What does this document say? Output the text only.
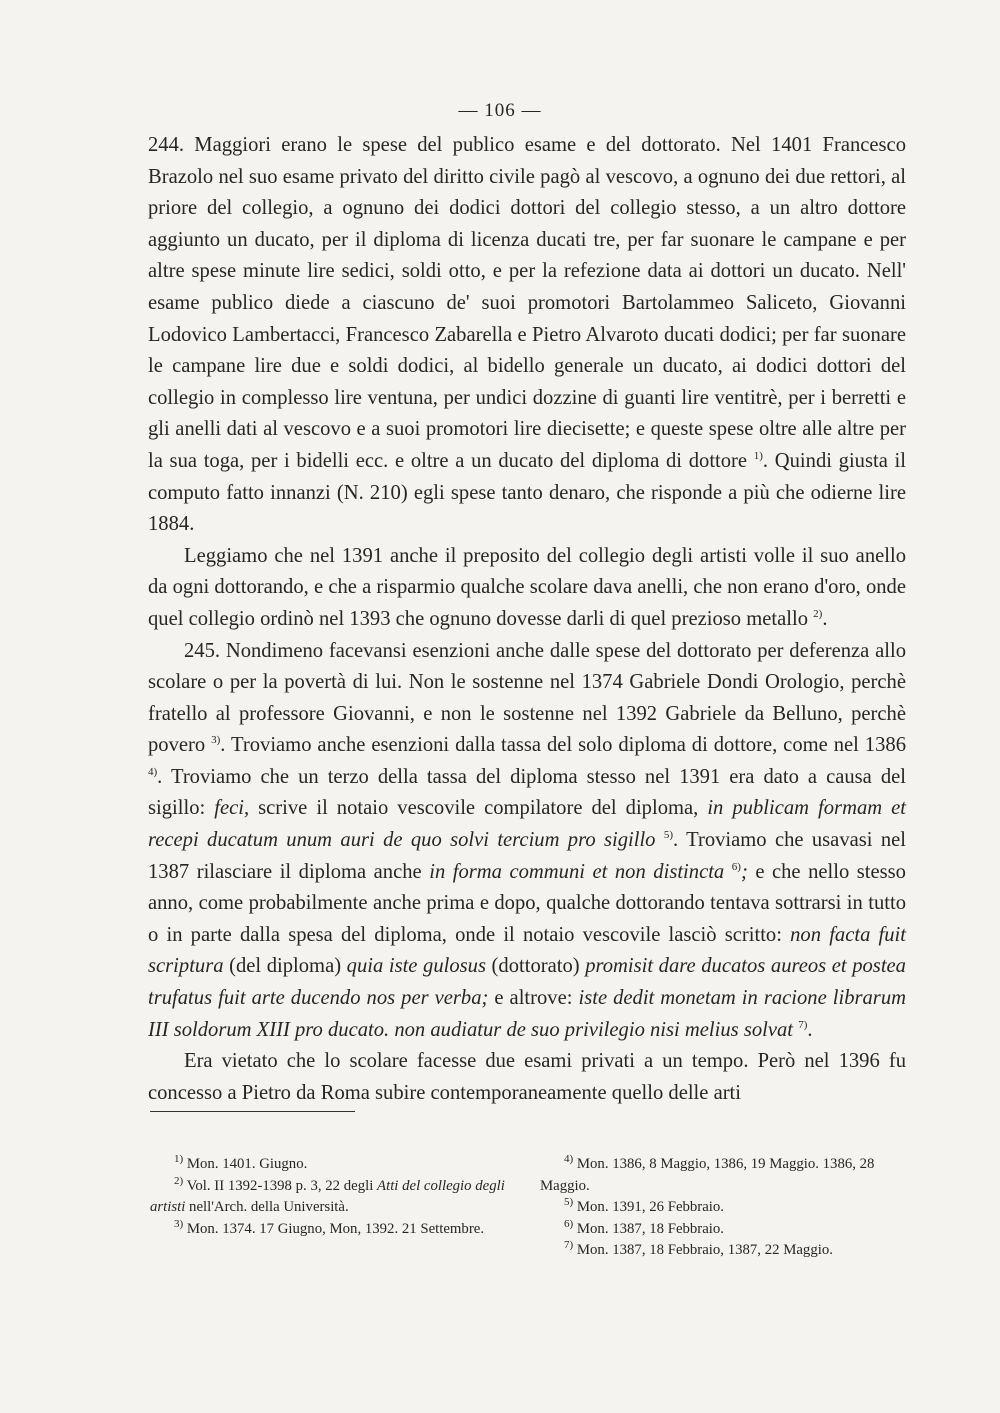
— 106 —

244. Maggiori erano le spese del publico esame e del dottorato. Nel 1401 Francesco Brazolo nel suo esame privato del diritto civile pagò al vescovo, a ognuno dei due rettori, al priore del collegio, a ognuno dei dodici dottori del collegio stesso, a un altro dottore aggiunto un ducato, per il diploma di licenza ducati tre, per far suonare le campane e per altre spese minute lire sedici, soldi otto, e per la refezione data ai dottori un ducato. Nell' esame publico diede a ciascuno de' suoi promotori Bartolammeo Saliceto, Giovanni Lodovico Lambertacci, Francesco Zabarella e Pietro Alvaroto ducati dodici; per far suonare le campane lire due e soldi dodici, al bidello generale un ducato, ai dodici dottori del collegio in complesso lire ventuna, per undici dozzine di guanti lire ventitrè, per i berretti e gli anelli dati al vescovo e a suoi promotori lire diecisette; e queste spese oltre alle altre per la sua toga, per i bidelli ecc. e oltre a un ducato del diploma di dottore $^{1)}$. Quindi giusta il computo fatto innanzi (N. 210) egli spese tanto denaro, che risponde a più che odierne lire 1884.

Leggiamo che nel 1391 anche il preposito del collegio degli artisti volle il suo anello da ogni dottorando, e che a risparmio qualche scolare dava anelli, che non erano d'oro, onde quel collegio ordinò nel 1393 che ognuno dovesse darli di quel prezioso metallo $^{2)}$.

245. Nondimeno facevansi esenzioni anche dalle spese del dottorato per deferenza allo scolare o per la povertà di lui. Non le sostenne nel 1374 Gabriele Dondi Orologio, perchè fratello al professore Giovanni, e non le sostenne nel 1392 Gabriele da Belluno, perchè povero $^{3)}$. Troviamo anche esenzioni dalla tassa del solo diploma di dottore, come nel 1386 $^{4)}$. Troviamo che un terzo della tassa del diploma stesso nel 1391 era dato a causa del sigillo: feci, scrive il notaio vescovile compilatore del diploma, in publicam formam et recepi ducatum unum auri de quo solvi tercium pro sigillo $^{5)}$. Troviamo che usavasi nel 1387 rilasciare il diploma anche in forma communi et non distincta $^{6)}$; e che nello stesso anno, come probabilmente anche prima e dopo, qualche dottorando tentava sottrarsi in tutto o in parte dalla spesa del diploma, onde il notaio vescovile lasciò scritto: non facta fuit scriptura (del diploma) quia iste gulosus (dottorato) promisit dare ducatos aureos et postea trufatus fuit arte ducendo nos per verba; e altrove: iste dedit monetam in racione librarum III soldorum XIII pro ducato. non audiatur de suo privilegio nisi melius solvat $^{7)}$.

Era vietato che lo scolare facesse due esami privati a un tempo. Però nel 1396 fu concesso a Pietro da Roma subire contemporaneamente quello delle arti

$^{1)}$ Mon. 1401. Giugno.

$^{2)}$ Vol. II 1392-1398 p. 3, 22 degli Atti del collegio degli artisti nell'Arch. della Università.

$^{3)}$ Mon. 1374. 17 Giugno, Mon, 1392. 21 Settembre.

$^{4)}$ Mon. 1386, 8 Maggio, 1386, 19 Maggio. 1386, 28 Maggio.

$^{5)}$ Mon. 1391, 26 Febbraio.

$^{6)}$ Mon. 1387, 18 Febbraio.

$^{7)}$ Mon. 1387, 18 Febbraio, 1387, 22 Maggio.
